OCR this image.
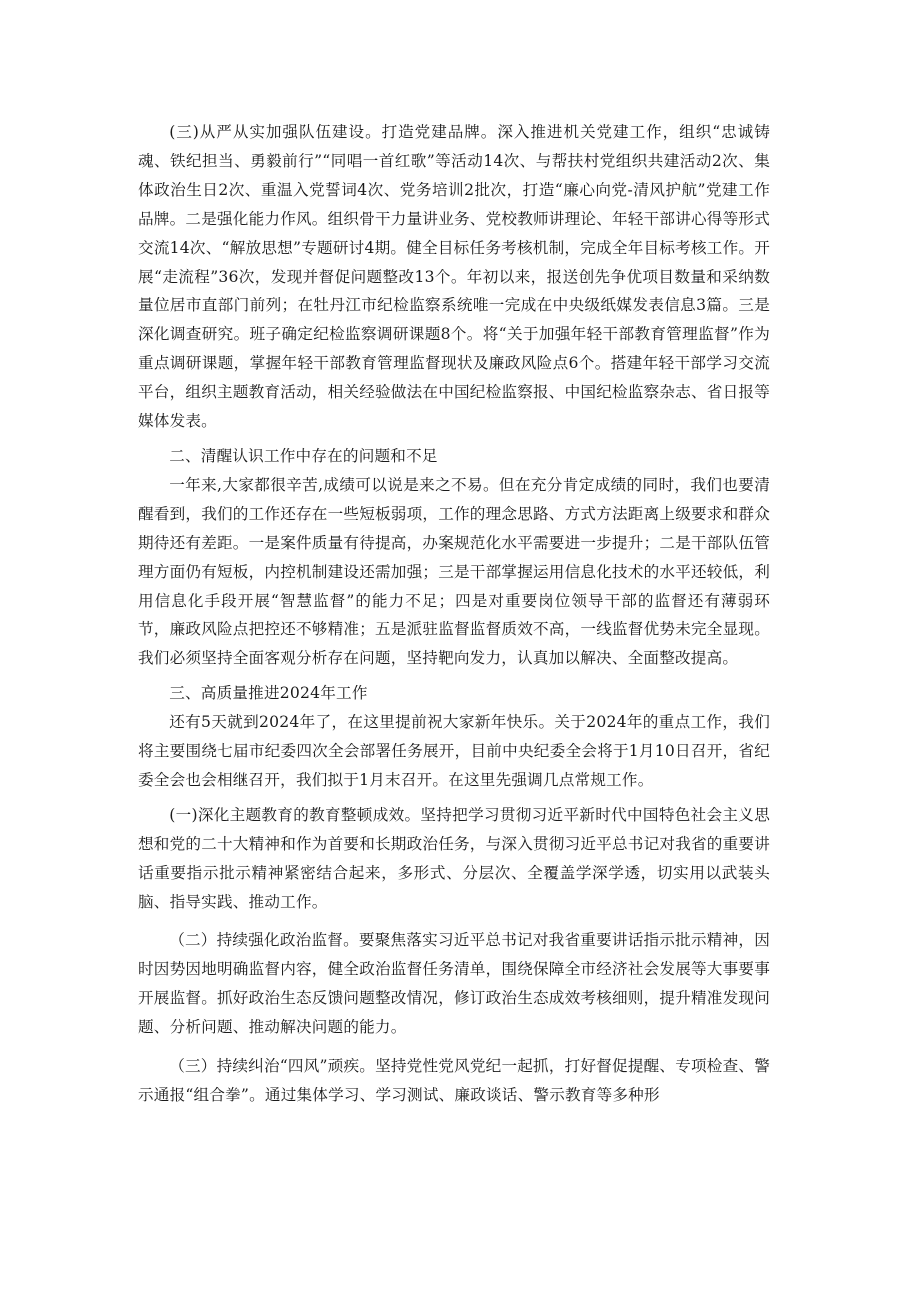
(三)从严从实加强队伍建设。打造党建品牌。深入推进机关党建工作，组织“忠诚铸魂、铁纪担当、勇毅前行”“同唱一首红歌”等活动14次、与帮扶村党组织共建活动2次、集体政治生日2次、重温入党誓词4次、党务培训2批次，打造“廉心向党-清风护航”党建工作品牌。二是强化能力作风。组织骨干力量讲业务、党校教师讲理论、年轻干部讲心得等形式交流14次、“解放思想”专题研讨4期。健全目标任务考核机制，完成全年目标考核工作。开展“走流程”36次，发现并督促问题整改13个。年初以来，报送创先争优项目数量和采纳数量位居市直部门前列；在牡丹江市纪检监察系统唯一完成在中央级纸媒发表信息3篇。三是深化调查研究。班子确定纪检监察调研课题8个。将“关于加强年轻干部教育管理监督”作为重点调研课题，掌握年轻干部教育管理监督现状及廉政风险点6个。搭建年轻干部学习交流平台，组织主题教育活动，相关经验做法在中国纪检监察报、中国纪检监察杂志、省日报等媒体发表。

二、清醒认识工作中存在的问题和不足

一年来,大家都很辛苦,成绩可以说是来之不易。但在充分肯定成绩的同时，我们也要清醒看到，我们的工作还存在一些短板弱项，工作的理念思路、方式方法距离上级要求和群众期待还有差距。一是案件质量有待提高，办案规范化水平需要进一步提升；二是干部队伍管理方面仍有短板，内控机制建设还需加强；三是干部掌握运用信息化技术的水平还较低，利用信息化手段开展“智慧监督”的能力不足；四是对重要岗位领导干部的监督还有薄弱环节，廉政风险点把控还不够精准；五是派驻监督监督质效不高，一线监督优势未完全显现。我们必须坚持全面客观分析存在问题，坚持靶向发力，认真加以解决、全面整改提高。

三、高质量推进2024年工作

还有5天就到2024年了，在这里提前祝大家新年快乐。关于2024年的重点工作，我们将主要围绕七届市纪委四次全会部署任务展开，目前中央纪委全会将于1月10日召开，省纪委全会也会相继召开，我们拟于1月末召开。在这里先强调几点常规工作。

(一)深化主题教育的教育整顿成效。坚持把学习贯彻习近平新时代中国特色社会主义思想和党的二十大精神和作为首要和长期政治任务，与深入贯彻习近平总书记对我省的重要讲话重要指示批示精神紧密结合起来，多形式、分层次、全覆盖学深学透，切实用以武装头脑、指导实践、推动工作。

（二）持续强化政治监督。要聚焦落实习近平总书记对我省重要讲话指示批示精神，因时因势因地明确监督内容，健全政治监督任务清单，围绕保障全市经济社会发展等大事要事开展监督。抓好政治生态反馈问题整改情况，修订政治生态成效考核细则，提升精准发现问题、分析问题、推动解决问题的能力。

（三）持续纠治“四风”顽疾。坚持党性党风党纪一起抓，打好督促提醒、专项检查、警示通报“组合拳”。通过集体学习、学习测试、廉政谈话、警示教育等多种形
